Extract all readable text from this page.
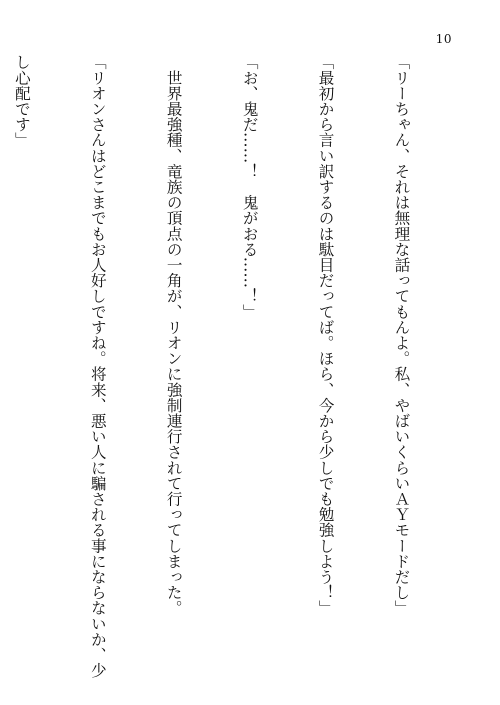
10

「リーちゃん、それは無理な話ってもんよ。私、やばいくらいＡＹモードだし」

「最初から言い訳するのは駄目だってば。ほら、今から少しでも勉強しよう！」

「お、鬼だ……！　鬼がおる……！」

　世界最強種、竜族の頂点の一角が、リオンに強制連行されて行ってしまった。

「リオンさんはどこまでもお人好しですね。将来、悪い人に騙される事にならないか、少

し心配です」
